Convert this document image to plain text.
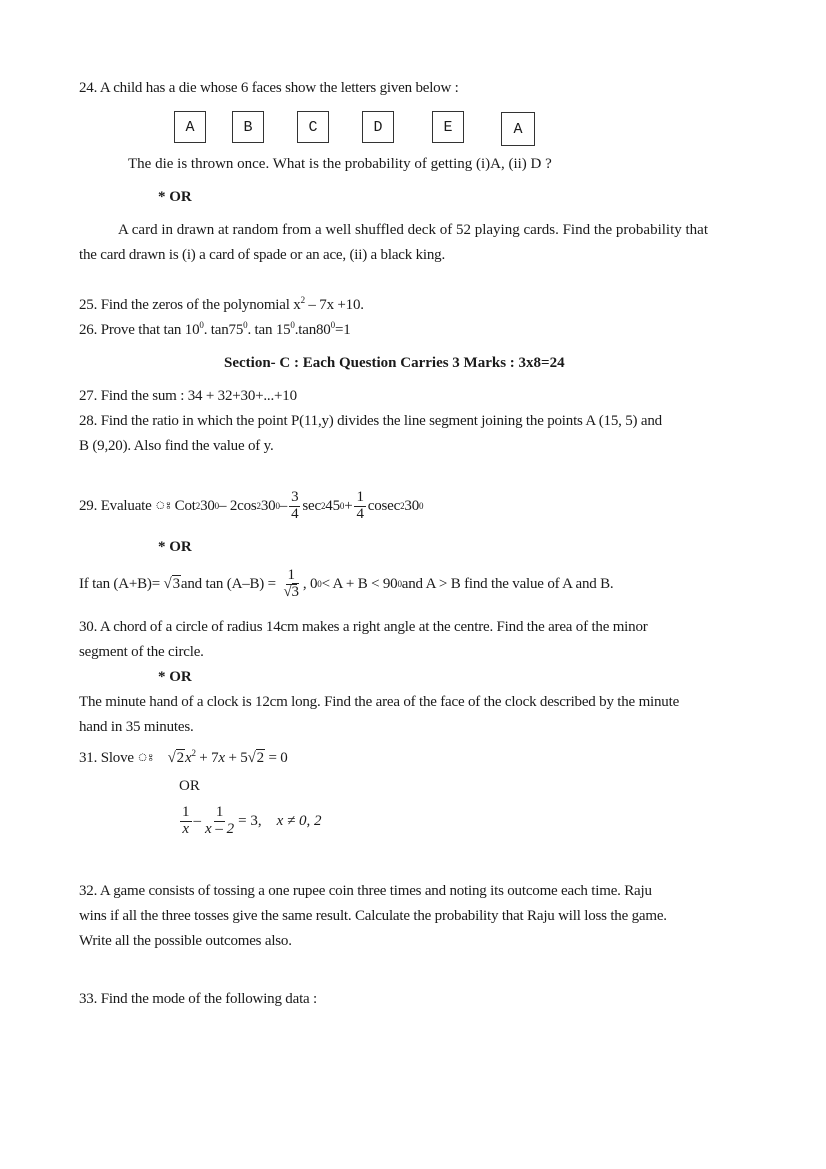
24. A child has a die whose 6 faces show the letters given below :
A	B	C	D	E	A
The die is thrown once. What is the probability of getting (i)A, (ii) D ?
* OR
A card in drawn at random from a well shuffled deck of 52 playing cards. Find the probability that
the card drawn is (i) a card of spade or an ace, (ii) a black king.
25. Find the zeros of the polynomial $x^2 - 7x +10$.
26. Prove that $\tan 10^0$. $\tan 75^0$. $\tan 15^0.\tan 80^0=1$
Section- C : Each Question Carries 3 Marks : 3x8=24
27. Find the sum : 34 + 32+30+...+10
28. Find the ratio in which the point P(11,y) divides the line segment joining the points A (15, 5) and
B (9,20). Also find the value of y.
29. Evaluate
ঃ
Cot 2 30 0 – 2cos 2 30 $0 - \frac{3}{4}$ sec 2 45 $0 + \frac{1}{4}$ cosec 2 30 0
* OR
If tan (A+B)=
√3 and tan (A–B) =
$\frac{1}{√3}$ , 0 0 < A + B < 90 0 and A > B find the value of A and B.
30. A chord of a circle of radius 14cm makes a right angle at the centre. Find the area of the minor
segment of the circle.
* OR
The minute hand of a clock is 12cm long. Find the area of the face of the clock described by the minute
hand in 35 minutes.
31. Slove ঃ $√2x^2 + 7x + 5√2 = 0$
OR
$\frac{1}{x} - \frac{1}{x - 2} = 3$,
x ≠ 0, 2
32. A game consists of tossing a one rupee coin three times and noting its outcome each time. Raju
wins if all the three tosses give the same result. Calculate the probability that Raju will loss the game.
Write all the possible outcomes also.
33. Find the mode of the following data :
